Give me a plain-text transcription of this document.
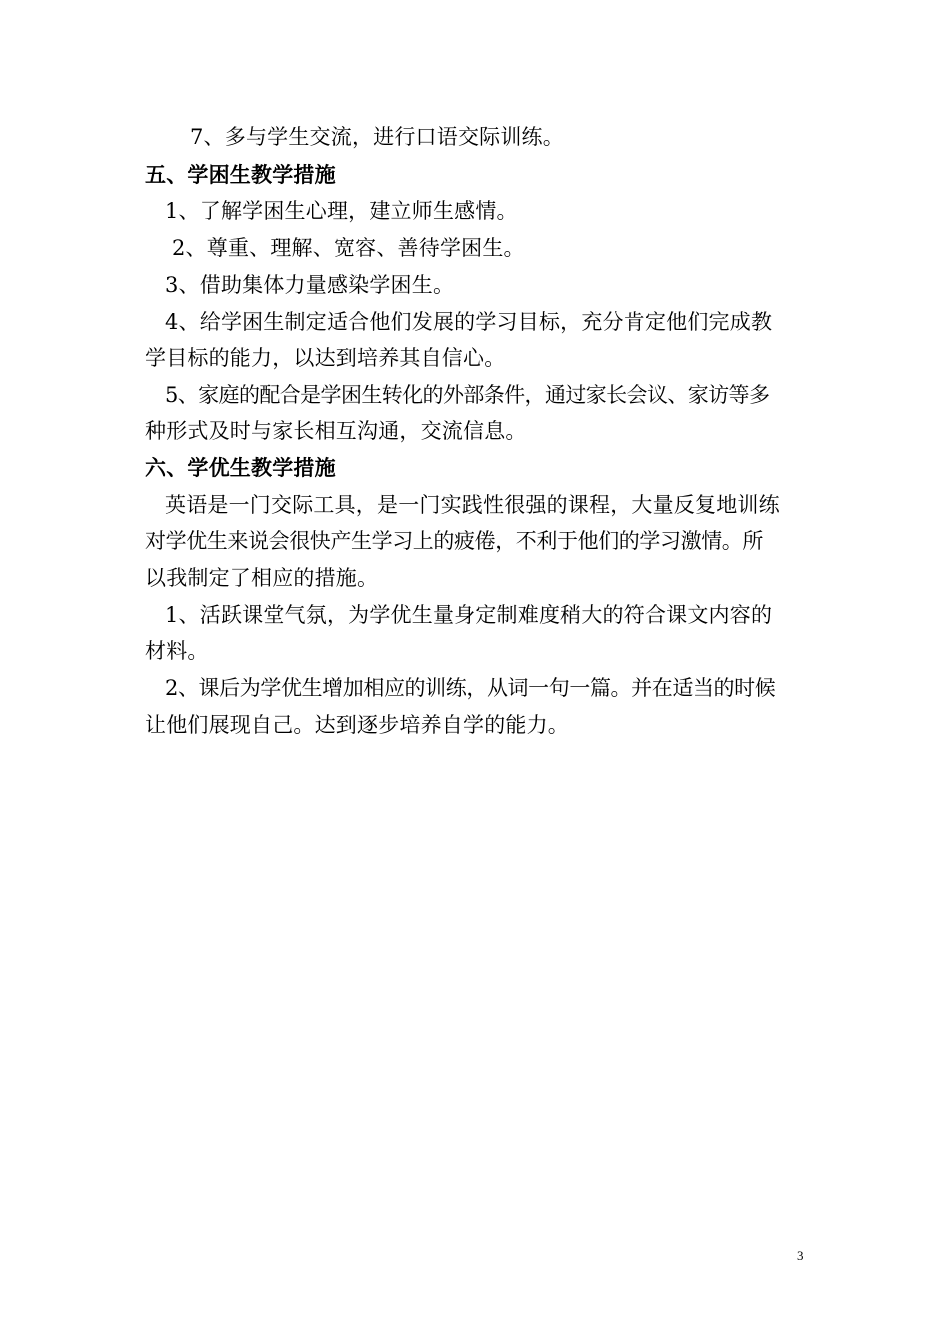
7、多与学生交流，进行口语交际训练。
五、学困生教学措施
1、了解学困生心理，建立师生感情。
2、尊重、理解、宽容、善待学困生。
3、借助集体力量感染学困生。
4、给学困生制定适合他们发展的学习目标，充分肯定他们完成教
学目标的能力，以达到培养其自信心。
5、家庭的配合是学困生转化的外部条件，通过家长会议、家访等多
种形式及时与家长相互沟通，交流信息。
六、学优生教学措施
英语是一门交际工具，是一门实践性很强的课程，大量反复地训练
对学优生来说会很快产生学习上的疲倦，不利于他们的学习激情。所
以我制定了相应的措施。
1、活跃课堂气氛，为学优生量身定制难度稍大的符合课文内容的
材料。
2、课后为学优生增加相应的训练，从词一句一篇。并在适当的时候
让他们展现自己。达到逐步培养自学的能力。
3
